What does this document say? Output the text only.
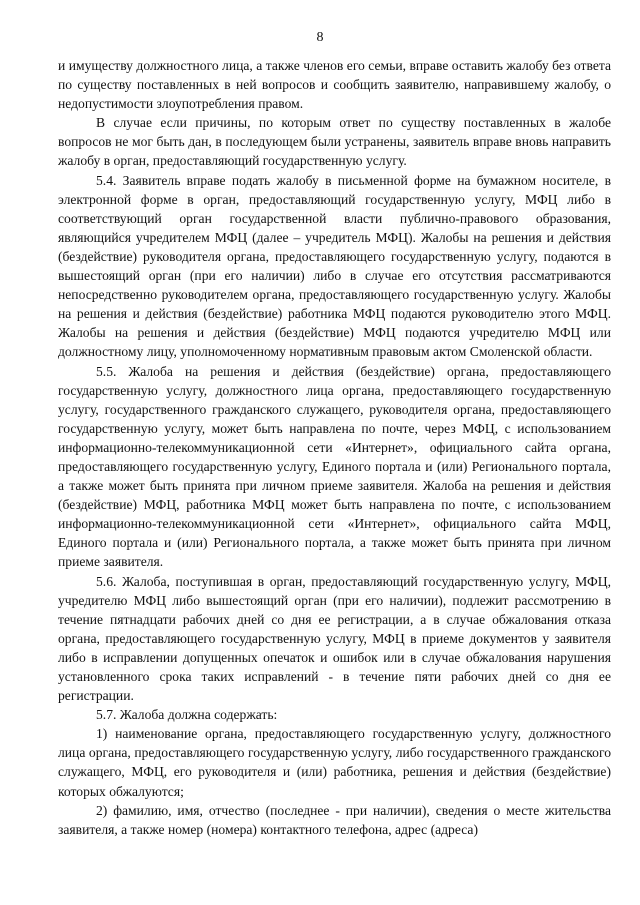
8

и имуществу должностного лица, а также членов его семьи, вправе оставить жалобу без ответа по существу поставленных в ней вопросов и сообщить заявителю, направившему жалобу, о недопустимости злоупотребления правом.

В случае если причины, по которым ответ по существу поставленных в жалобе вопросов не мог быть дан, в последующем были устранены, заявитель вправе вновь направить жалобу в орган, предоставляющий государственную услугу.

5.4. Заявитель вправе подать жалобу в письменной форме на бумажном носителе, в электронной форме в орган, предоставляющий государственную услугу, МФЦ либо в соответствующий орган государственной власти публично-правового образования, являющийся учредителем МФЦ (далее – учредитель МФЦ). Жалобы на решения и действия (бездействие) руководителя органа, предоставляющего государственную услугу, подаются в вышестоящий орган (при его наличии) либо в случае его отсутствия рассматриваются непосредственно руководителем органа, предоставляющего государственную услугу. Жалобы на решения и действия (бездействие) работника МФЦ подаются руководителю этого МФЦ. Жалобы на решения и действия (бездействие) МФЦ подаются учредителю МФЦ или должностному лицу, уполномоченному нормативным правовым актом Смоленской области.

5.5. Жалоба на решения и действия (бездействие) органа, предоставляющего государственную услугу, должностного лица органа, предоставляющего государственную услугу, государственного гражданского служащего, руководителя органа, предоставляющего государственную услугу, может быть направлена по почте, через МФЦ, с использованием информационно-телекоммуникационной сети «Интернет», официального сайта органа, предоставляющего государственную услугу, Единого портала и (или) Регионального портала, а также может быть принята при личном приеме заявителя. Жалоба на решения и действия (бездействие) МФЦ, работника МФЦ может быть направлена по почте, с использованием информационно-телекоммуникационной сети «Интернет», официального сайта МФЦ, Единого портала и (или) Регионального портала, а также может быть принята при личном приеме заявителя.

5.6. Жалоба, поступившая в орган, предоставляющий государственную услугу, МФЦ, учредителю МФЦ либо вышестоящий орган (при его наличии), подлежит рассмотрению в течение пятнадцати рабочих дней со дня ее регистрации, а в случае обжалования отказа органа, предоставляющего государственную услугу, МФЦ в приеме документов у заявителя либо в исправлении допущенных опечаток и ошибок или в случае обжалования нарушения установленного срока таких исправлений - в течение пяти рабочих дней со дня ее регистрации.

5.7. Жалоба должна содержать:

1) наименование органа, предоставляющего государственную услугу, должностного лица органа, предоставляющего государственную услугу, либо государственного гражданского служащего, МФЦ, его руководителя и (или) работника, решения и действия (бездействие) которых обжалуются;

2) фамилию, имя, отчество (последнее - при наличии), сведения о месте жительства заявителя, а также номер (номера) контактного телефона, адрес (адреса)
